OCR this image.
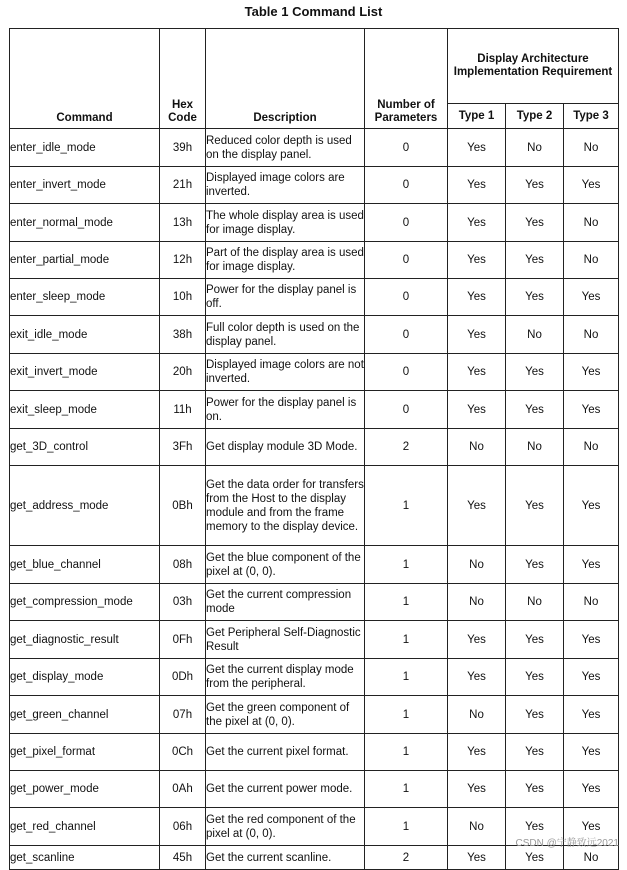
Table 1 Command List
Command	Hex Code	Description	Number of Parameters	Display Architecture Implementation Requirement		
				Type 1	Type 2	Type 3
enter_idle_mode	39h	Reduced color depth is used on the display panel.	0	Yes	No	No
enter_invert_mode	21h	Displayed image colors are inverted.	0	Yes	Yes	Yes
enter_normal_mode	13h	The whole display area is used for image display.	0	Yes	Yes	No
enter_partial_mode	12h	Part of the display area is used for image display.	0	Yes	Yes	No
enter_sleep_mode	10h	Power for the display panel is off.	0	Yes	Yes	Yes
exit_idle_mode	38h	Full color depth is used on the display panel.	0	Yes	No	No
exit_invert_mode	20h	Displayed image colors are not inverted.	0	Yes	Yes	Yes
exit_sleep_mode	11h	Power for the display panel is on.	0	Yes	Yes	Yes
get_3D_control	3Fh	Get display module 3D Mode.	2	No	No	No
get_address_mode	0Bh	Get the data order for transfers from the Host to the display module and from the frame memory to the display device.	1	Yes	Yes	Yes
get_blue_channel	08h	Get the blue component of the pixel at (0, 0).	1	No	Yes	Yes
get_compression_mode	03h	Get the current compression mode	1	No	No	No
get_diagnostic_result	0Fh	Get Peripheral Self-Diagnostic Result	1	Yes	Yes	Yes
get_display_mode	0Dh	Get the current display mode from the peripheral.	1	Yes	Yes	Yes
get_green_channel	07h	Get the green component of the pixel at (0, 0).	1	No	Yes	Yes
get_pixel_format	0Ch	Get the current pixel format.	1	Yes	Yes	Yes
get_power_mode	0Ah	Get the current power mode.	1	Yes	Yes	Yes
get_red_channel	06h	Get the red component of the pixel at (0, 0).	1	No	Yes	Yes
get_scanline	45h	Get the current scanline.	2	Yes	Yes	No
CSDN @宁静致远2021
